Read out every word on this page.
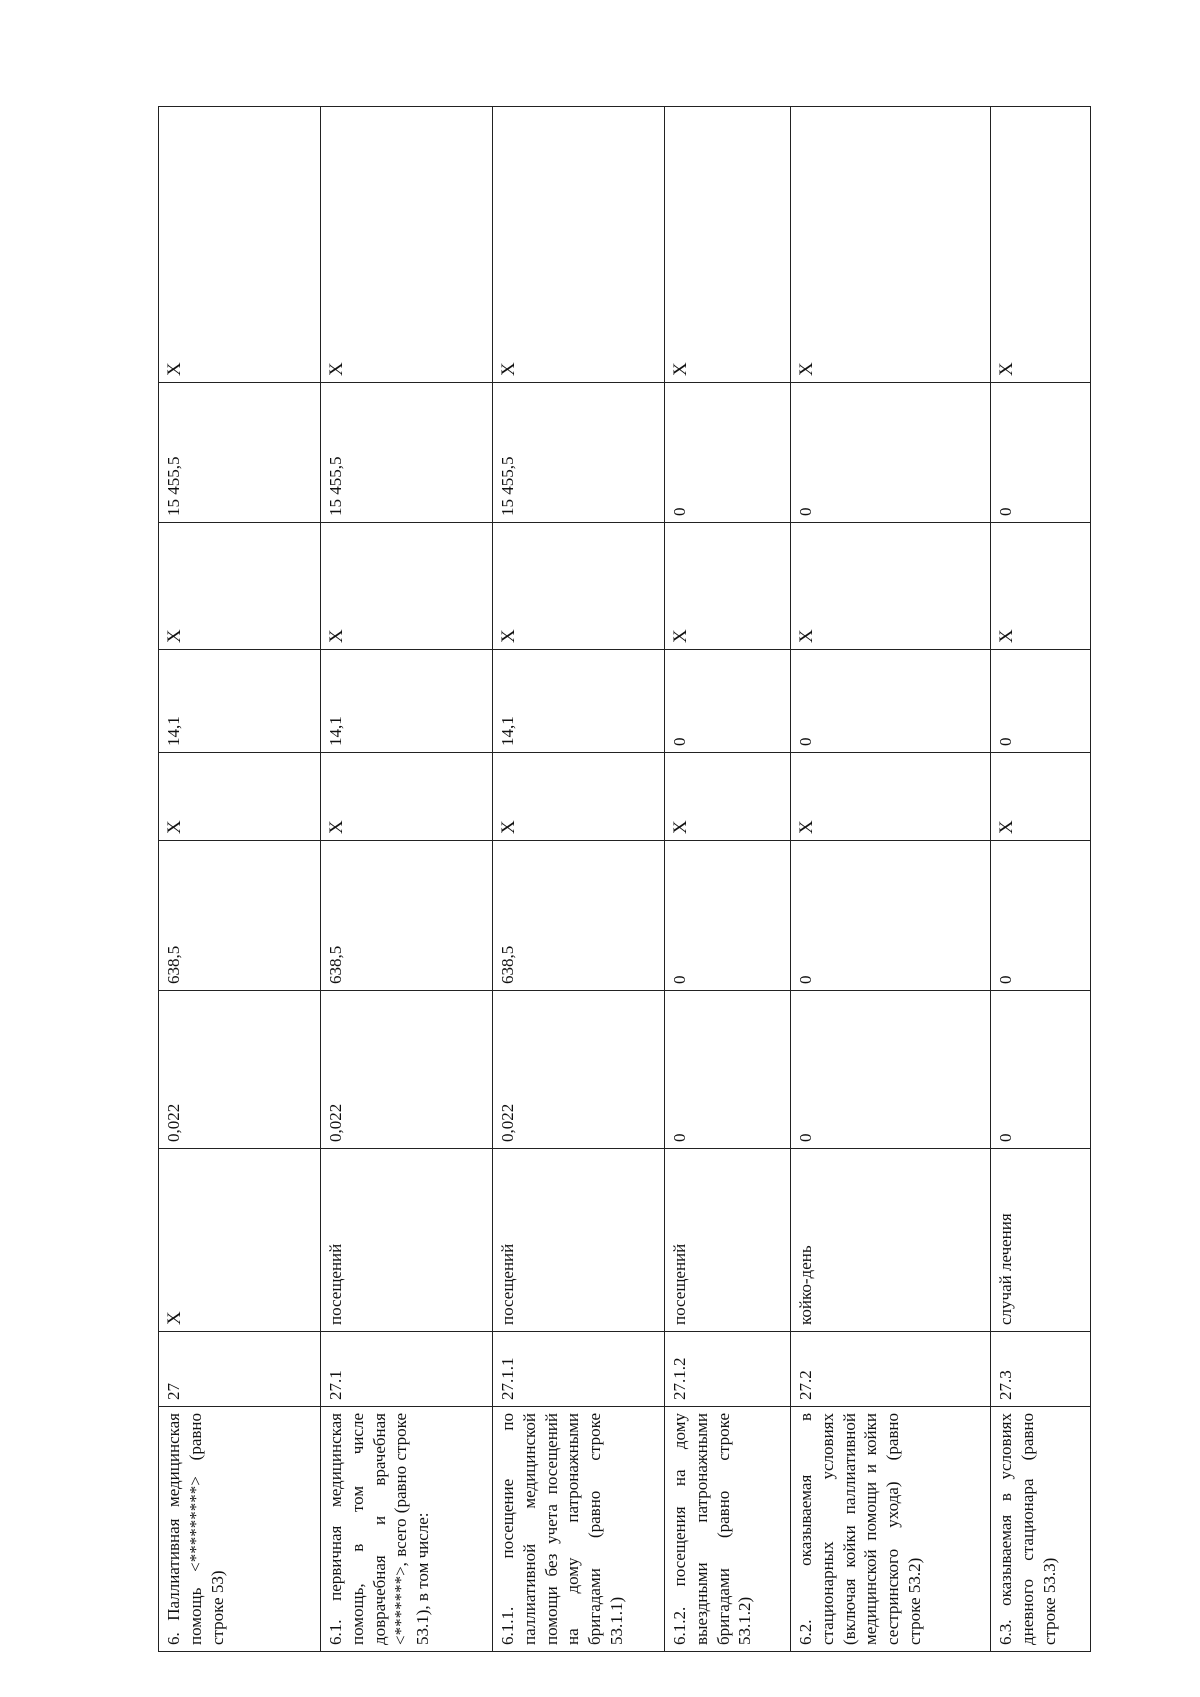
6. Паллиативная медицинская помощь <*********> (равно строке 53)	27	X	0,022	638,5	X	14,1	X	15 455,5	X
6.1. первичная медицинская помощь, в том числе доврачебная и врачебная <*******>, всего (равно строке 53.1), в том числе:	27.1	посещений	0,022	638,5	X	14,1	X	15 455,5	X
6.1.1. посещение по паллиативной медицинской помощи без учета посещений на дому патронажными бригадами (равно строке 53.1.1)	27.1.1	посещений	0,022	638,5	X	14,1	X	15 455,5	X
6.1.2. посещения на дому выездными патронажными бригадами (равно строке 53.1.2)	27.1.2	посещений	0	0	X	0	X	0	X
6.2. оказываемая в стационарных условиях (включая койки паллиативной медицинской помощи и койки сестринского ухода) (равно строке 53.2)	27.2	койко-день	0	0	X	0	X	0	X
6.3. оказываемая в условиях дневного стационара (равно строке 53.3)	27.3	случай лечения	0	0	X	0	X	0	X
